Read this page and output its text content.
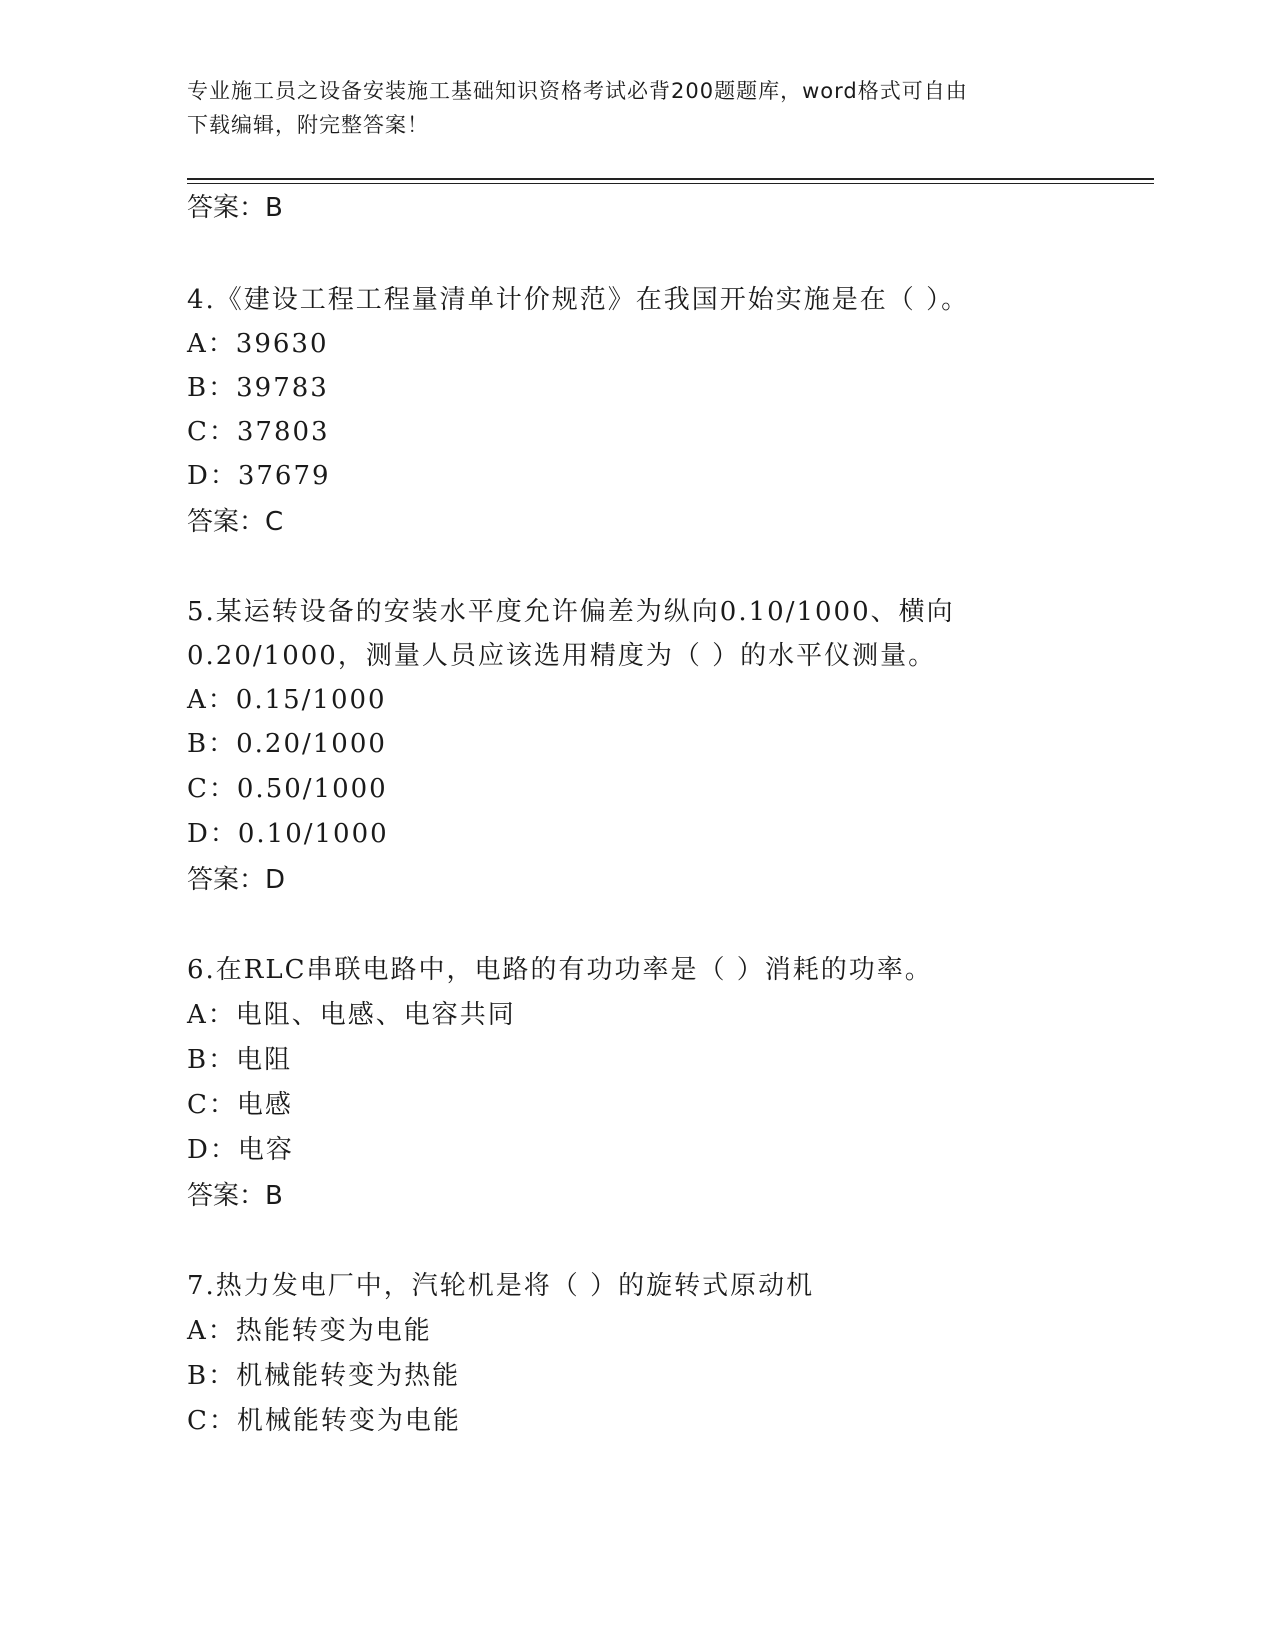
专业施工员之设备安装施工基础知识资格考试必背200题题库，word格式可自由
下载编辑，附完整答案！
答案：B
4.《建设工程工程量清单计价规范》在我国开始实施是在（ ）。
A：39630
B：39783
C：37803
D：37679
答案：C
5.某运转设备的安装水平度允许偏差为纵向0.10/1000、横向
0.20/1000，测量人员应该选用精度为（ ）的水平仪测量。
A：0.15/1000
B：0.20/1000
C：0.50/1000
D：0.10/1000
答案：D
6.在RLC串联电路中，电路的有功功率是（ ）消耗的功率。
A：电阻、电感、电容共同
B：电阻
C：电感
D：电容
答案：B
7.热力发电厂中，汽轮机是将（ ）的旋转式原动机
A：热能转变为电能
B：机械能转变为热能
C：机械能转变为电能
